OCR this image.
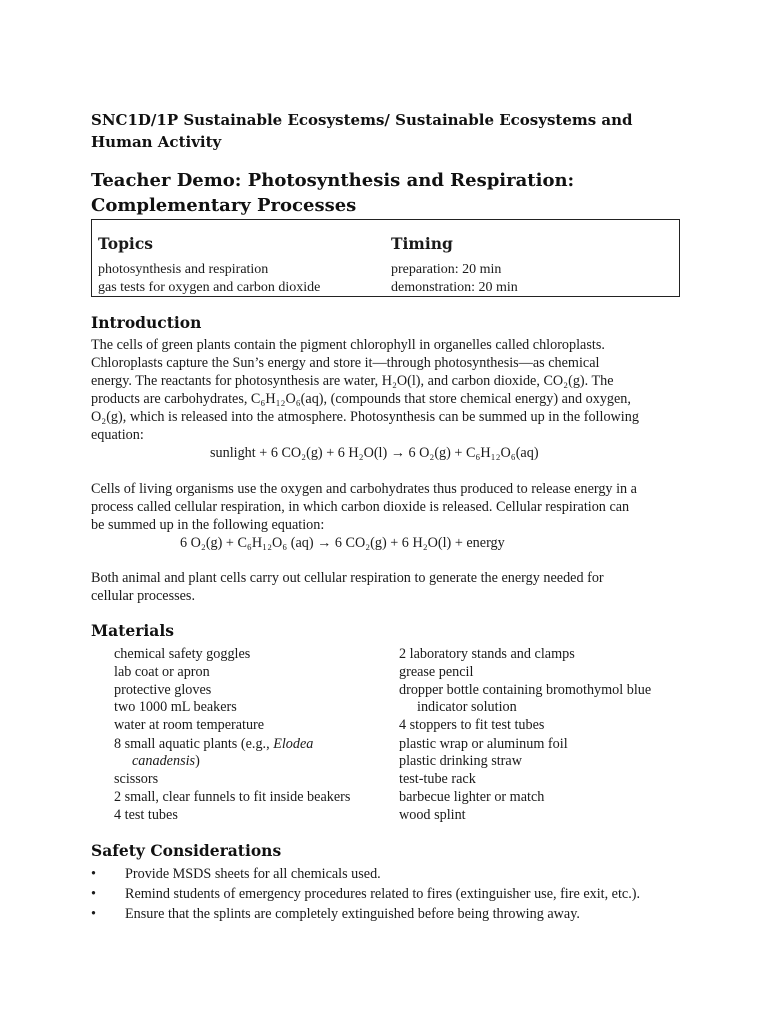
SNC1D/1P Sustainable Ecosystems/ Sustainable Ecosystems and Human Activity
Teacher Demo: Photosynthesis and Respiration:
Complementary Processes
Topics
photosynthesis and respiration
gas tests for oxygen and carbon dioxide
Timing
preparation: 20 min
demonstration: 20 min
Introduction
The cells of green plants contain the pigment chlorophyll in organelles called chloroplasts.
Chloroplasts capture the Sun’s energy and store it—through photosynthesis—as chemical
energy. The reactants for photosynthesis are water, H₂O(l), and carbon dioxide, CO₂(g). The
products are carbohydrates, C₆H₁₂O₆(aq), (compounds that store chemical energy) and oxygen,
O₂(g), which is released into the atmosphere. Photosynthesis can be summed up in the following
equation:
sunlight + 6 CO₂(g) + 6 H₂O(l) → 6 O₂(g) + C₆H₁₂O₆(aq)
Cells of living organisms use the oxygen and carbohydrates thus produced to release energy in a
process called cellular respiration, in which carbon dioxide is released. Cellular respiration can
be summed up in the following equation:
6 O₂(g) + C₆H₁₂O₆ (aq) → 6 CO₂(g) + 6 H₂O(l) + energy
Both animal and plant cells carry out cellular respiration to generate the energy needed for
cellular processes.
Materials
chemical safety goggles
lab coat or apron
protective gloves
two 1000 mL beakers
water at room temperature
8 small aquatic plants (e.g., Elodea
canadensis)
scissors
2 small, clear funnels to fit inside beakers
4 test tubes
2 laboratory stands and clamps
grease pencil
dropper bottle containing bromothymol blue
indicator solution
4 stoppers to fit test tubes
plastic wrap or aluminum foil
plastic drinking straw
test-tube rack
barbecue lighter or match
wood splint
Safety Considerations
• Provide MSDS sheets for all chemicals used.
• Remind students of emergency procedures related to fires (extinguisher use, fire exit, etc.).
• Ensure that the splints are completely extinguished before being throwing away.
